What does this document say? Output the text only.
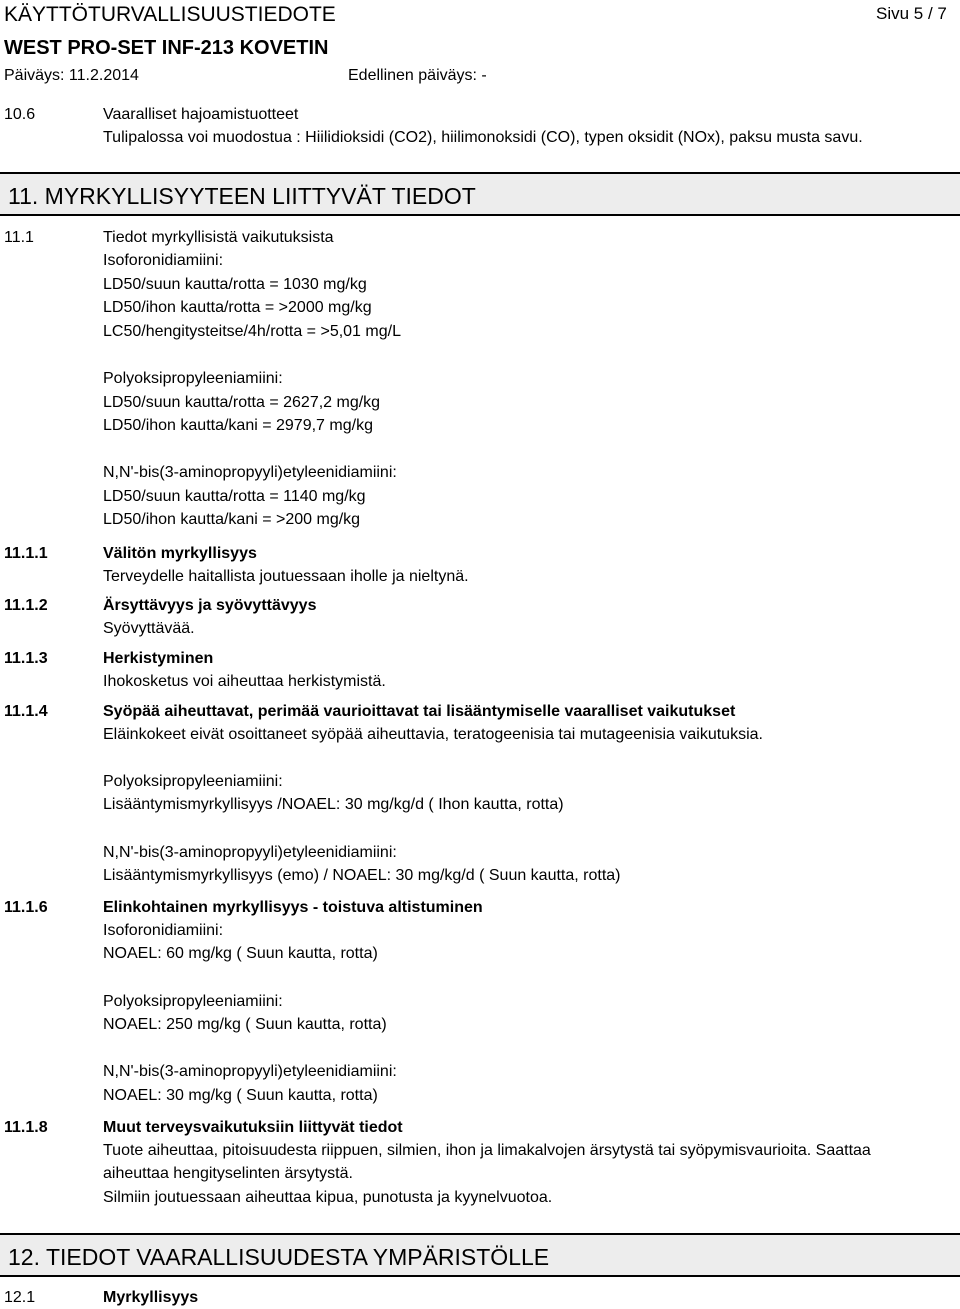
KÄYTTÖTURVALLISUUSTIEDOTE	Sivu 5 / 7
WEST PRO-SET INF-213 KOVETIN
Päiväys: 11.2.2014	Edellinen päiväys: -
10.6	Vaaralliset hajoamistuotteet
Tulipalossa voi muodostua : Hiilidioksidi (CO2), hiilimonoksidi (CO), typen oksidit (NOx), paksu musta savu.
11. MYRKYLLISYYTEEN LIITTYVÄT TIEDOT
11.1	Tiedot myrkyllisistä vaikutuksista
Isoforonidiamiini:
LD50/suun kautta/rotta = 1030 mg/kg
LD50/ihon kautta/rotta = >2000 mg/kg
LC50/hengitysteitse/4h/rotta = >5,01 mg/L
Polyoksipropyleeniamiini:
LD50/suun kautta/rotta = 2627,2 mg/kg
LD50/ihon kautta/kani = 2979,7 mg/kg
N,N'-bis(3-aminopropyyli)etyleenidiamiini:
LD50/suun kautta/rotta = 1140 mg/kg
LD50/ihon kautta/kani = >200 mg/kg
11.1.1	Välitön myrkyllisyys
Terveydelle haitallista joutuessaan iholle ja nieltynä.
11.1.2	Ärsyttävyys ja syövyttävyys
Syövyttävää.
11.1.3	Herkistyminen
Ihokosketus voi aiheuttaa herkistymistä.
11.1.4	Syöpää aiheuttavat, perimää vaurioittavat tai lisääntymiselle vaaralliset vaikutukset
Eläinkokeet eivät osoittaneet syöpää aiheuttavia, teratogeenisia tai mutageenisia vaikutuksia.
Polyoksipropyleeniamiini:
Lisääntymismyrkyllisyys /NOAEL: 30 mg/kg/d ( Ihon kautta, rotta)
N,N'-bis(3-aminopropyyli)etyleenidiamiini:
Lisääntymismyrkyllisyys (emo) / NOAEL: 30 mg/kg/d ( Suun kautta, rotta)
11.1.6	Elinkohtainen myrkyllisyys - toistuva altistuminen
Isoforonidiamiini:
NOAEL: 60 mg/kg ( Suun kautta, rotta)
Polyoksipropyleeniamiini:
NOAEL: 250 mg/kg ( Suun kautta, rotta)
N,N'-bis(3-aminopropyyli)etyleenidiamiini:
NOAEL: 30 mg/kg ( Suun kautta, rotta)
11.1.8	Muut terveysvaikutuksiin liittyvät tiedot
Tuote aiheuttaa, pitoisuudesta riippuen, silmien, ihon ja limakalvojen ärsytystä tai syöpymisvaurioita. Saattaa
aiheuttaa hengityselinten ärsytystä.
Silmiin joutuessaan aiheuttaa kipua, punotusta ja kyynelvuotoa.
12. TIEDOT VAARALLISUUDESTA YMPÄRISTÖLLE
12.1	Myrkyllisyys
